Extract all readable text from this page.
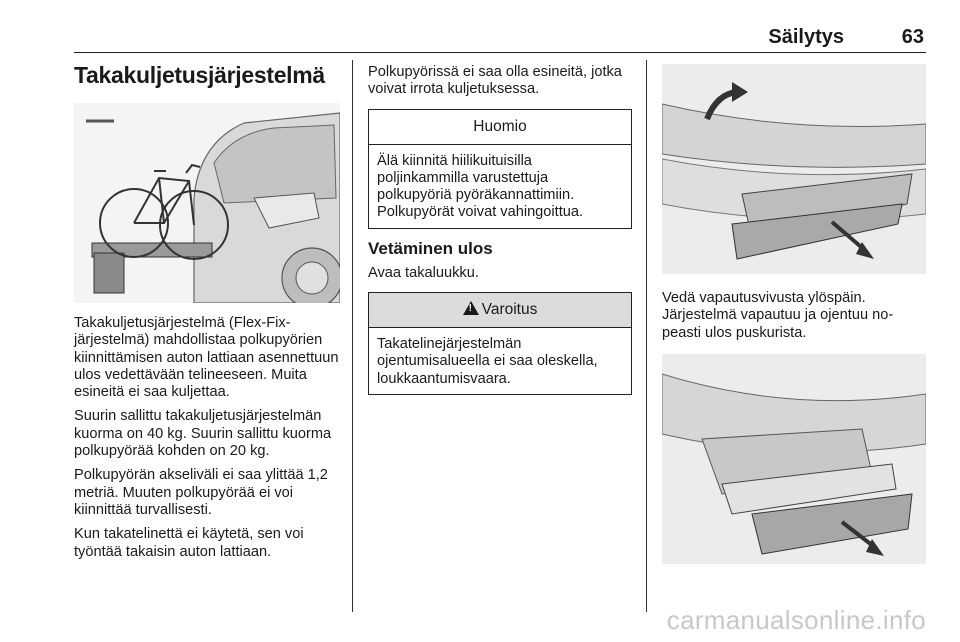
Säilytys	63
Takakuljetusjärjestelmä

Takakuljetusjärjestelmä (Flex-Fix-järjestelmä) mahdollistaa polkupyörien kiinnittämisen auton lattiaan asennettuun ulos vedettävään telineeseen. Muita esineitä ei saa kuljettaa.

Suurin sallittu takakuljetusjärjestelmän kuorma on 40 kg. Suurin sallittu kuorma polkupyörää kohden on 20 kg.

Polkupyörän akseliväli ei saa ylittää 1,2 metriä. Muuten polkupyörää ei voi kiinnittää turvallisesti.

Kun takatelinettä ei käytetä, sen voi työntää takaisin auton lattiaan.

Polkupyörissä ei saa olla esineitä, jotka voivat irrota kuljetuksessa.

Huomio

Älä kiinnitä hiilikuituisilla poljinkammilla varustettuja polkupyöriä pyöräkannattimiin. Polkupyörät voivat vahingoittua.

Vetäminen ulos

Avaa takaluukku.

! Varoitus

Takatelinejärjestelmän ojentumisalueella ei saa oleskella, loukkaantumisvaara.

Vedä vapautusvivusta ylöspäin. Järjestelmä vapautuu ja ojentuu no-peasti ulos puskurista.

carmanualsonline.info
